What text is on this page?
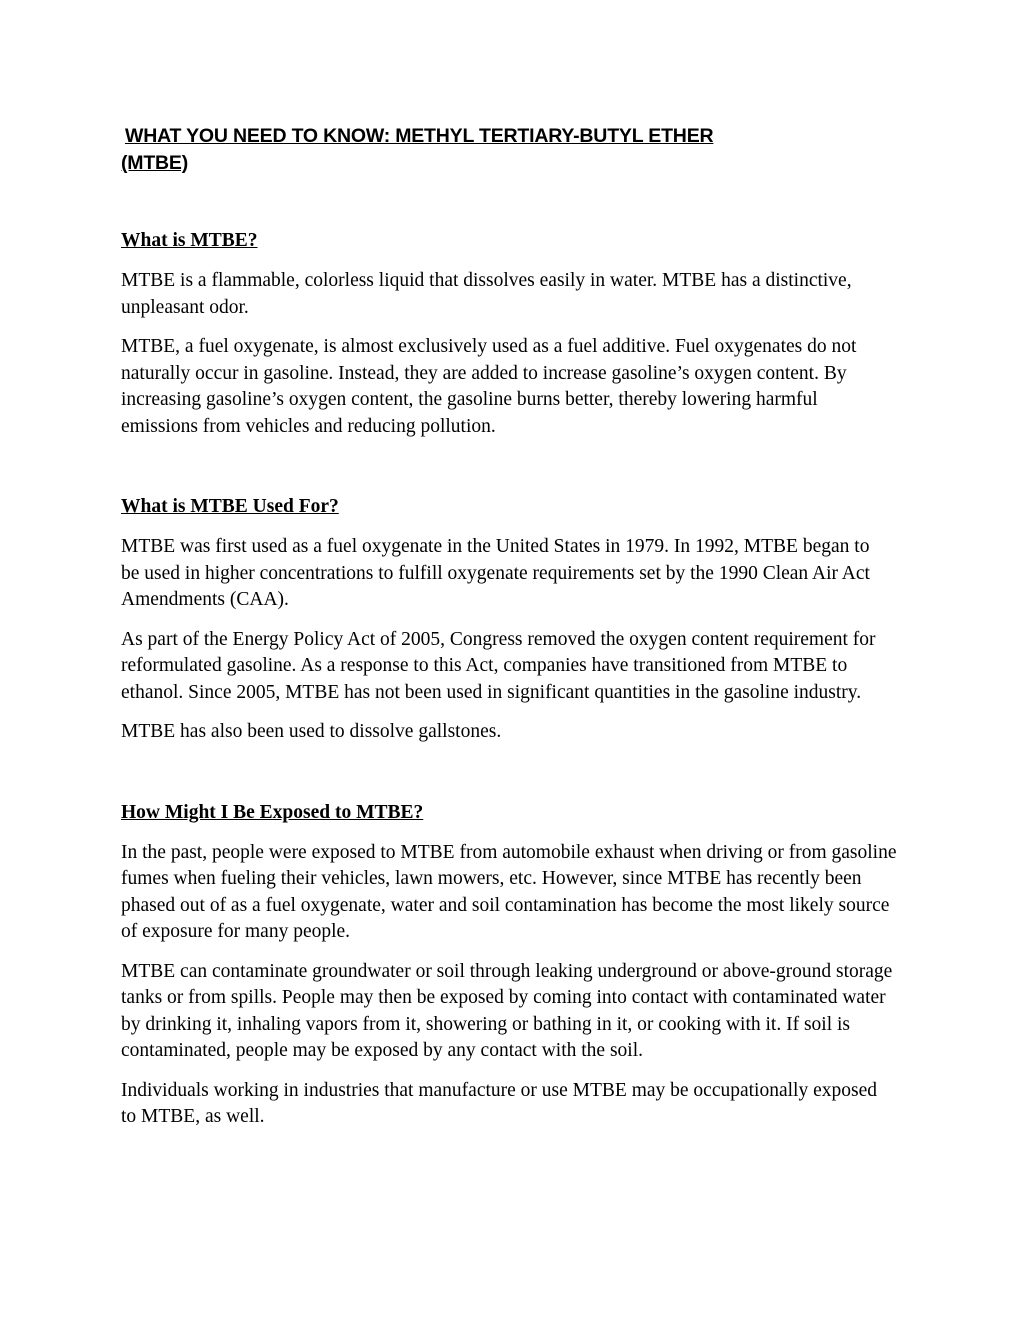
WHAT YOU NEED TO KNOW: METHYL TERTIARY-BUTYL ETHER
(MTBE)
What is MTBE?

MTBE is a flammable, colorless liquid that dissolves easily in water. MTBE has a distinctive, unpleasant odor.

MTBE, a fuel oxygenate, is almost exclusively used as a fuel additive. Fuel oxygenates do not naturally occur in gasoline. Instead, they are added to increase gasoline’s oxygen content. By increasing gasoline’s oxygen content, the gasoline burns better, thereby lowering harmful emissions from vehicles and reducing pollution.

What is MTBE Used For?

MTBE was first used as a fuel oxygenate in the United States in 1979. In 1992, MTBE began to be used in higher concentrations to fulfill oxygenate requirements set by the 1990 Clean Air Act Amendments (CAA).

As part of the Energy Policy Act of 2005, Congress removed the oxygen content requirement for reformulated gasoline. As a response to this Act, companies have transitioned from MTBE to ethanol. Since 2005, MTBE has not been used in significant quantities in the gasoline industry.

MTBE has also been used to dissolve gallstones.

How Might I Be Exposed to MTBE?

In the past, people were exposed to MTBE from automobile exhaust when driving or from gasoline fumes when fueling their vehicles, lawn mowers, etc. However, since MTBE has recently been phased out of as a fuel oxygenate, water and soil contamination has become the most likely source of exposure for many people.

MTBE can contaminate groundwater or soil through leaking underground or above-ground storage tanks or from spills. People may then be exposed by coming into contact with contaminated water by drinking it, inhaling vapors from it, showering or bathing in it, or cooking with it. If soil is contaminated, people may be exposed by any contact with the soil.

Individuals working in industries that manufacture or use MTBE may be occupationally exposed to MTBE, as well.
